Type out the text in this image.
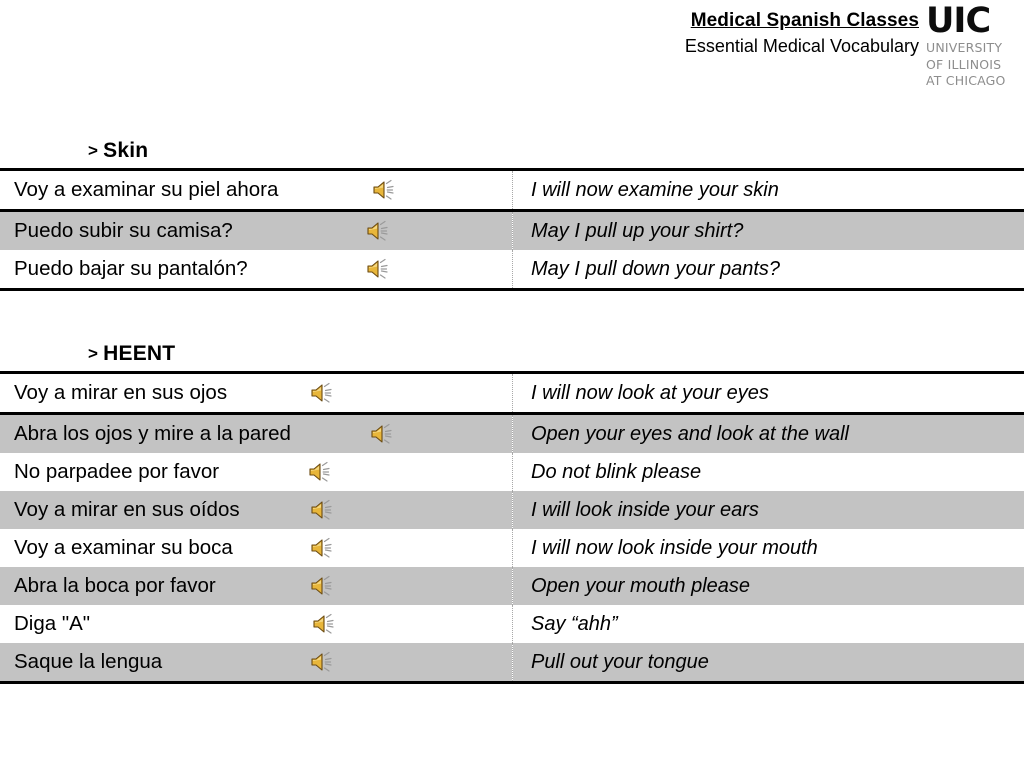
Medical Spanish Classes
Essential Medical Vocabulary
UIC
UNIVERSITY
OF ILLINOIS
AT CHICAGO
> Skin
Voy a examinar su piel ahora	I will now examine your skin
Puedo subir su camisa?	May I pull up your shirt?
Puedo bajar su pantalón?	May I pull down your pants?
> HEENT
Voy a mirar en sus ojos	I will now look at your eyes
Abra los ojos y mire a la pared	Open your eyes and look at the wall
No parpadee por favor	Do not blink please
Voy a mirar en sus oídos	I will look inside your ears
Voy a examinar su boca	I will now look inside your mouth
Abra la boca por favor	Open your mouth please
Diga "A"	Say “ahh”
Saque la lengua	Pull out your tongue
